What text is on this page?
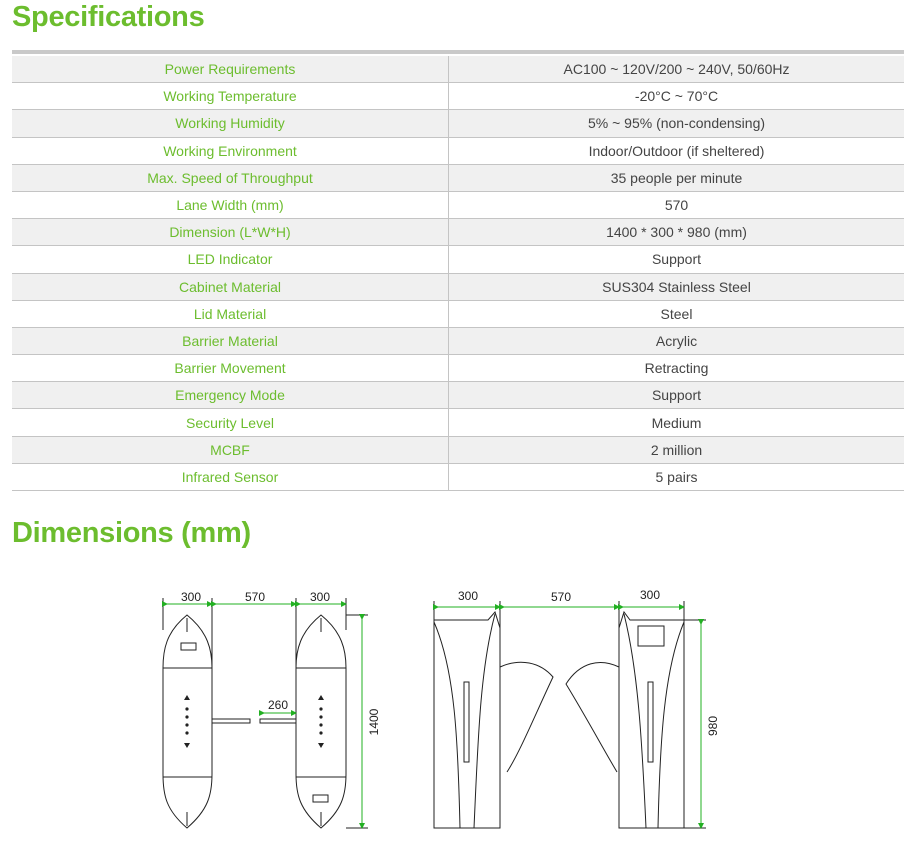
Specifications
Power Requirements	AC100 ~ 120V/200 ~ 240V, 50/60Hz
Working Temperature	-20°C ~ 70°C
Working Humidity	5% ~ 95% (non-condensing)
Working Environment	Indoor/Outdoor (if sheltered)
Max. Speed of Throughput	35 people per minute
Lane Width (mm)	570
Dimension (L*W*H)	1400 * 300 * 980 (mm)
LED Indicator	Support
Cabinet Material	SUS304 Stainless Steel
Lid Material	Steel
Barrier Material	Acrylic
Barrier Movement	Retracting
Emergency Mode	Support
Security Level	Medium
MCBF	2 million
Infrared Sensor	5 pairs
Dimensions (mm)
300	570	300
260
1400
300	570	300
980
